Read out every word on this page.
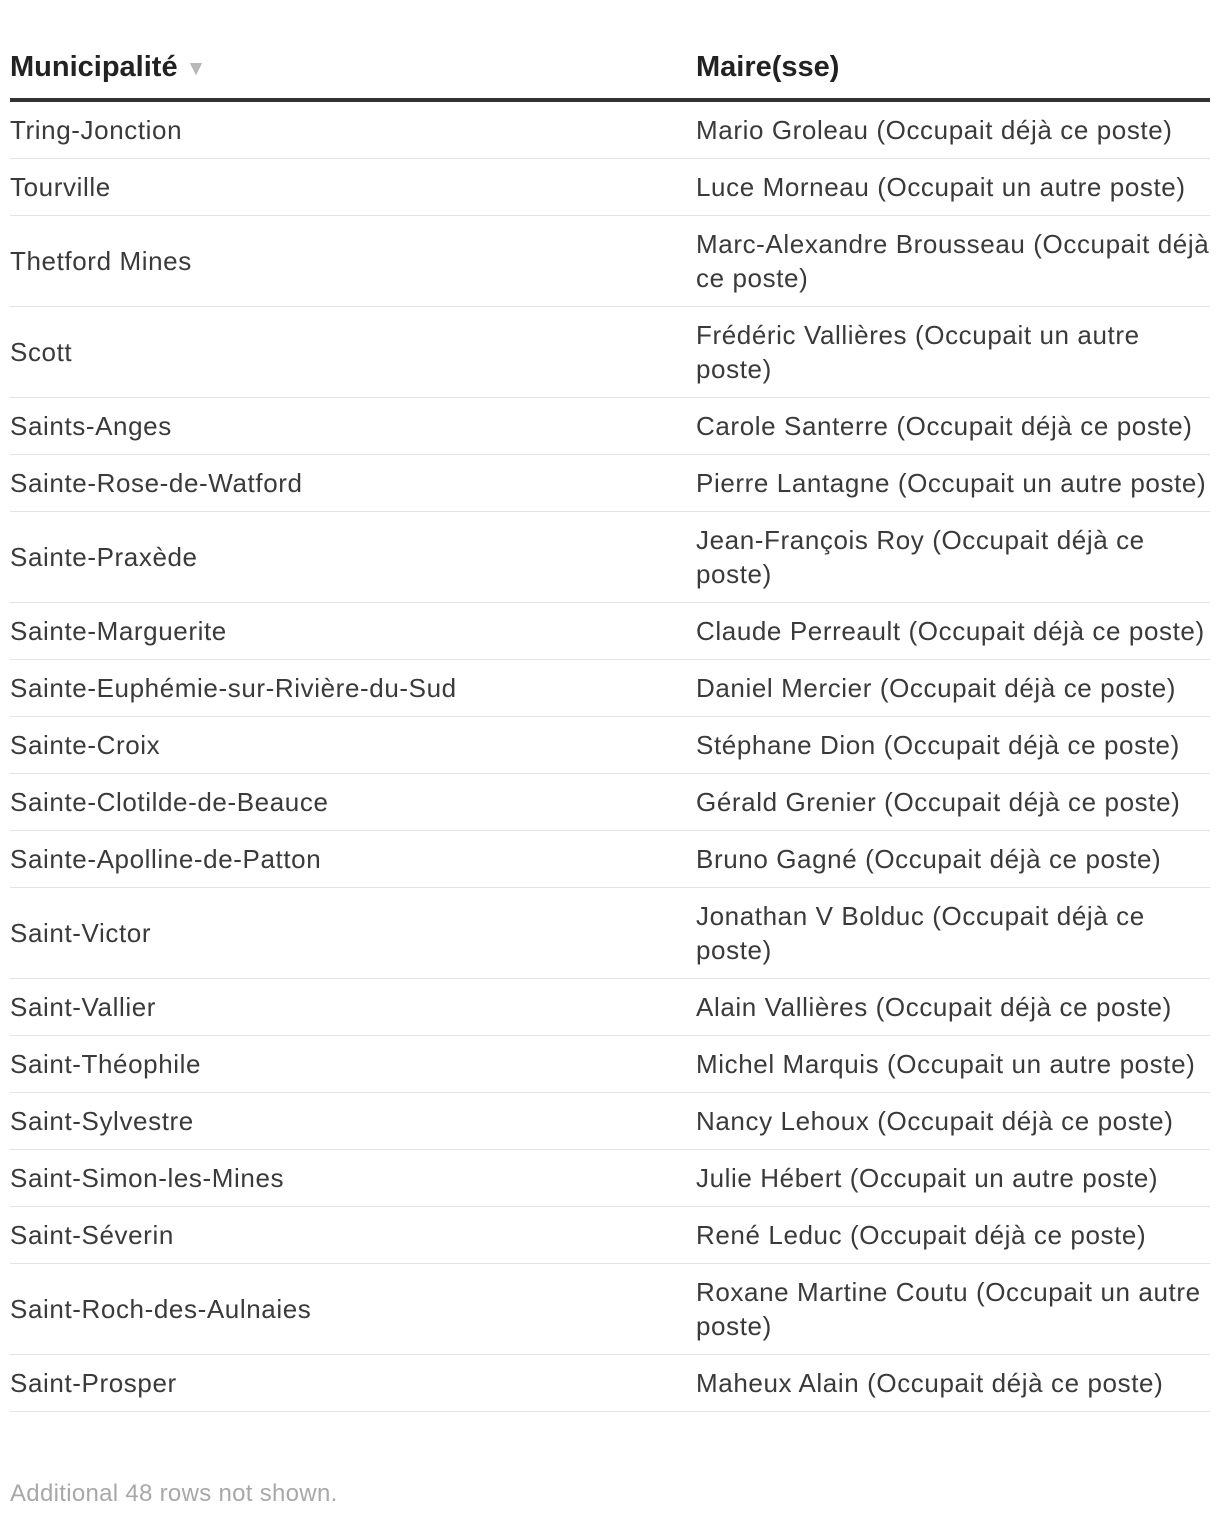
Municipalité ▼	Maire(sse)
Tring-Jonction	Mario Groleau (Occupait déjà ce poste)
Tourville	Luce Morneau (Occupait un autre poste)
Thetford Mines	Marc-Alexandre Brousseau (Occupait déjà ce poste)
Scott	Frédéric Vallières (Occupait un autre poste)
Saints-Anges	Carole Santerre (Occupait déjà ce poste)
Sainte-Rose-de-Watford	Pierre Lantagne (Occupait un autre poste)
Sainte-Praxède	Jean-François Roy (Occupait déjà ce poste)
Sainte-Marguerite	Claude Perreault (Occupait déjà ce poste)
Sainte-Euphémie-sur-Rivière-du-Sud	Daniel Mercier (Occupait déjà ce poste)
Sainte-Croix	Stéphane Dion (Occupait déjà ce poste)
Sainte-Clotilde-de-Beauce	Gérald Grenier (Occupait déjà ce poste)
Sainte-Apolline-de-Patton	Bruno Gagné (Occupait déjà ce poste)
Saint-Victor	Jonathan V Bolduc (Occupait déjà ce poste)
Saint-Vallier	Alain Vallières (Occupait déjà ce poste)
Saint-Théophile	Michel Marquis (Occupait un autre poste)
Saint-Sylvestre	Nancy Lehoux (Occupait déjà ce poste)
Saint-Simon-les-Mines	Julie Hébert (Occupait un autre poste)
Saint-Séverin	René Leduc (Occupait déjà ce poste)
Saint-Roch-des-Aulnaies	Roxane Martine Coutu (Occupait un autre poste)
Saint-Prosper	Maheux Alain (Occupait déjà ce poste)
Additional 48 rows not shown.
